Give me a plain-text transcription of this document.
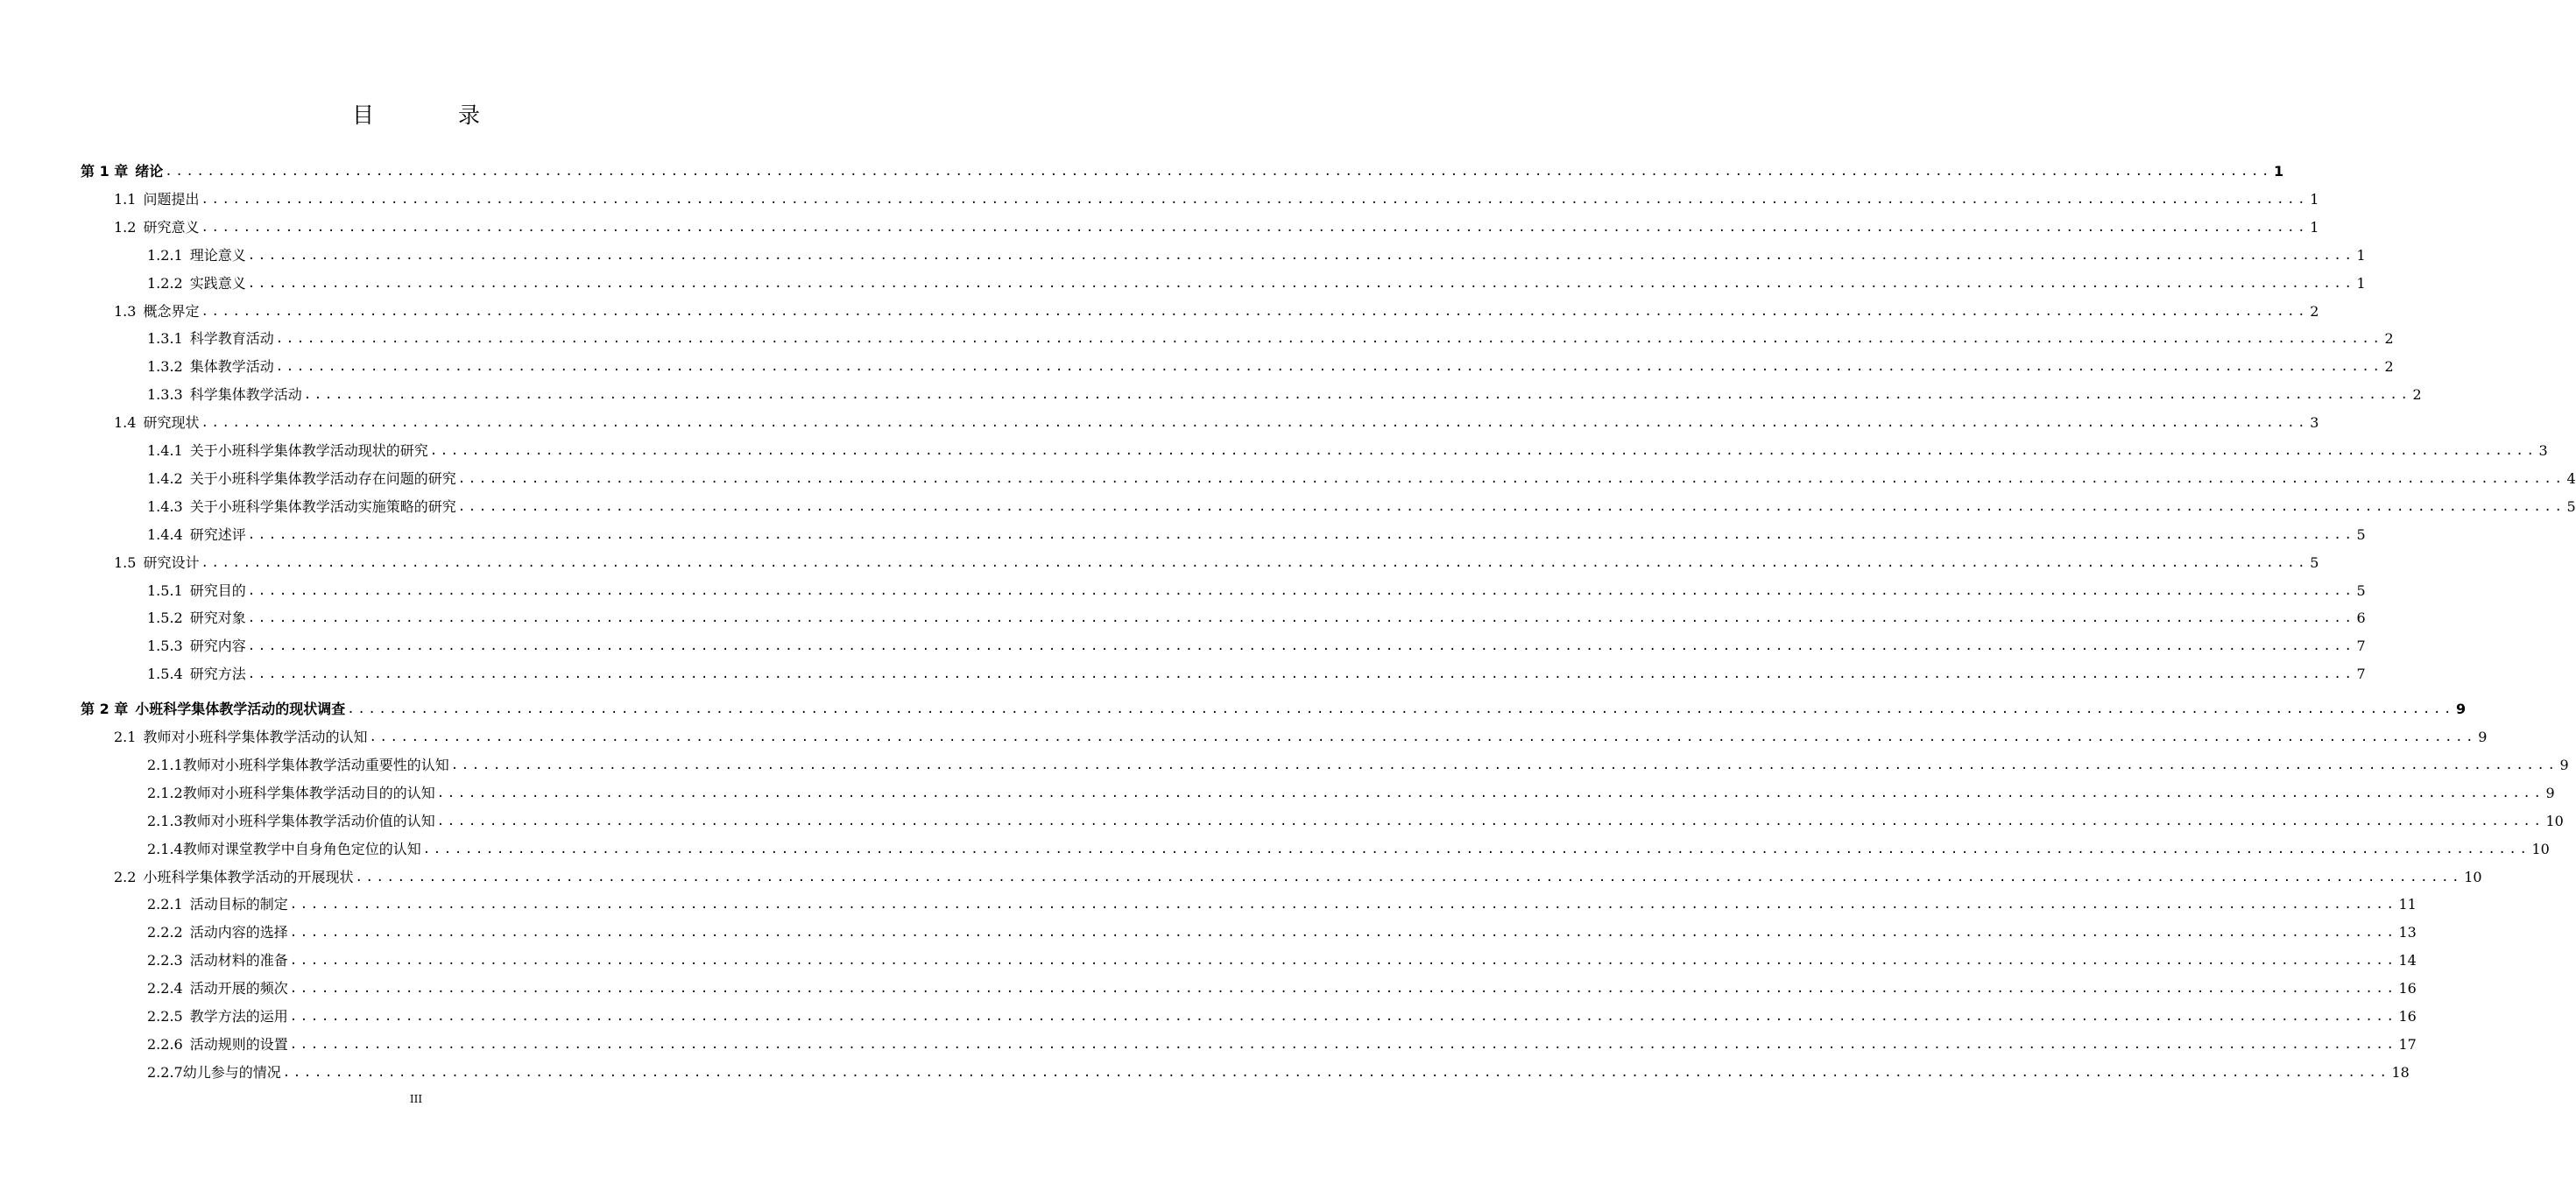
目 录
第 1 章 绪论 ........................................................................................................................................................................................................ 1
1.1 问题提出 ........................................................................................................................................................................................................ 1
1.2 研究意义 ........................................................................................................................................................................................................ 1
1.2.1 理论意义 ........................................................................................................................................................................................................ 1
1.2.2 实践意义 ........................................................................................................................................................................................................ 1
1.3 概念界定 ........................................................................................................................................................................................................ 2
1.3.1 科学教育活动 ........................................................................................................................................................................................................ 2
1.3.2 集体教学活动 ........................................................................................................................................................................................................ 2
1.3.3 科学集体教学活动 ........................................................................................................................................................................................................ 2
1.4 研究现状 ........................................................................................................................................................................................................ 3
1.4.1 关于小班科学集体教学活动现状的研究 ........................................................................................................................................................................................................ 3
1.4.2 关于小班科学集体教学活动存在问题的研究 ........................................................................................................................................................................................................ 4
1.4.3 关于小班科学集体教学活动实施策略的研究 ........................................................................................................................................................................................................ 5
1.4.4 研究述评 ........................................................................................................................................................................................................ 5
1.5 研究设计 ........................................................................................................................................................................................................ 5
1.5.1 研究目的 ........................................................................................................................................................................................................ 5
1.5.2 研究对象 ........................................................................................................................................................................................................ 6
1.5.3 研究内容 ........................................................................................................................................................................................................ 7
1.5.4 研究方法 ........................................................................................................................................................................................................ 7
第 2 章 小班科学集体教学活动的现状调查 ........................................................................................................................................................................................................ 9
2.1 教师对小班科学集体教学活动的认知 ........................................................................................................................................................................................................ 9
2.1.1 教师对小班科学集体教学活动重要性的认知 ........................................................................................................................................................................................................ 9
2.1.2 教师对小班科学集体教学活动目的的认知 ........................................................................................................................................................................................................ 9
2.1.3 教师对小班科学集体教学活动价值的认知 ........................................................................................................................................................................................................ 10
2.1.4 教师对课堂教学中自身角色定位的认知 ........................................................................................................................................................................................................ 10
2.2 小班科学集体教学活动的开展现状 ........................................................................................................................................................................................................ 10
2.2.1 活动目标的制定 ........................................................................................................................................................................................................ 11
2.2.2 活动内容的选择 ........................................................................................................................................................................................................ 13
2.2.3 活动材料的准备 ........................................................................................................................................................................................................ 14
2.2.4 活动开展的频次 ........................................................................................................................................................................................................ 16
2.2.5 教学方法的运用 ........................................................................................................................................................................................................ 16
2.2.6 活动规则的设置 ........................................................................................................................................................................................................ 17
2.2.7 幼儿参与的情况 ........................................................................................................................................................................................................ 18
III
